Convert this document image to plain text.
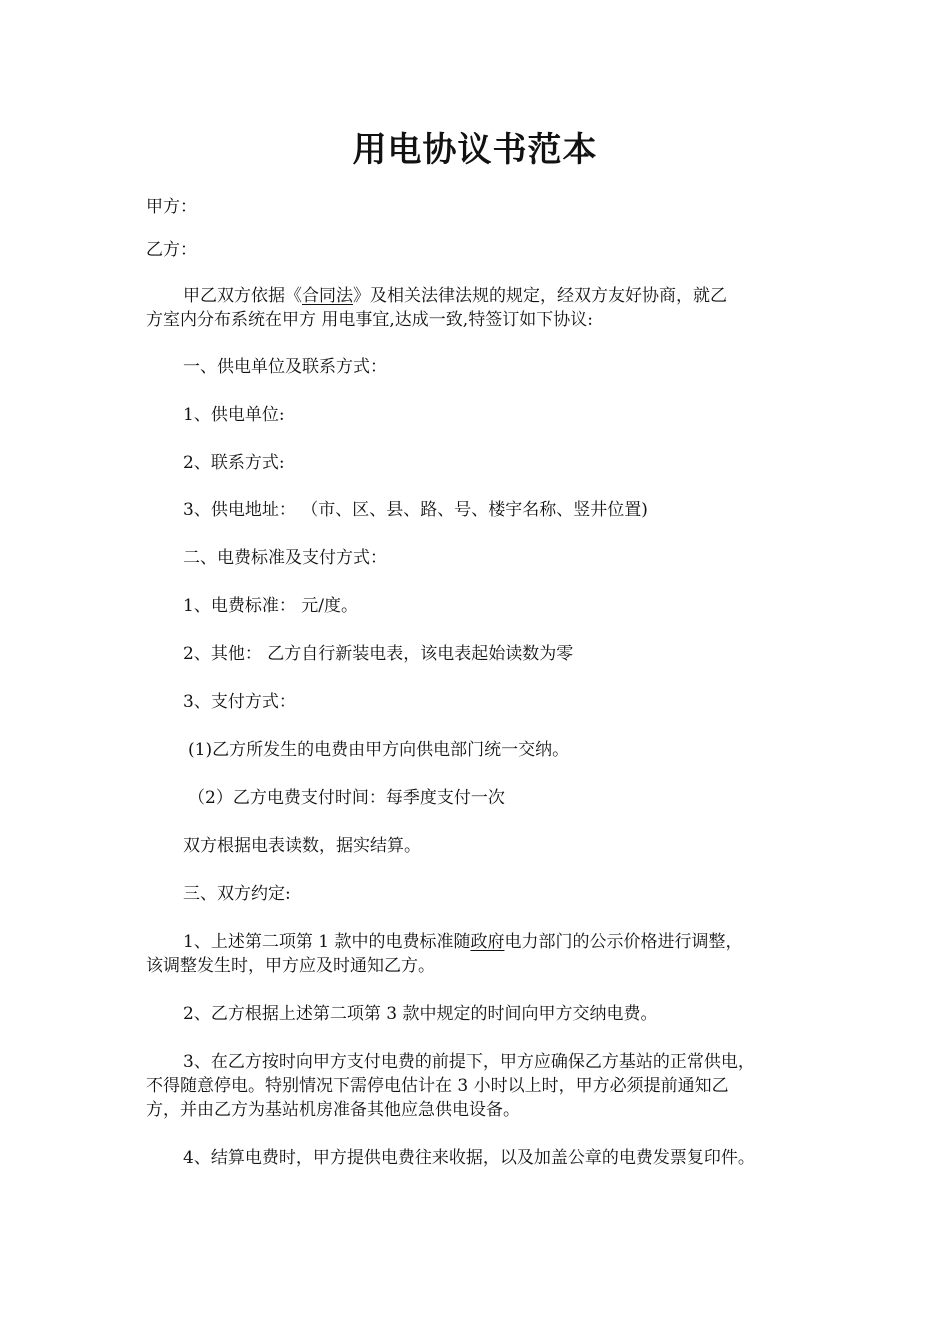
用电协议书范本
甲方：
乙方：
甲乙双方依据《合同法》及相关法律法规的规定，经双方友好协商，就乙
方室内分布系统在甲方 用电事宜,达成一致,特签订如下协议:
一、供电单位及联系方式：
1、供电单位:
2、联系方式:
3、供电地址： （市、区、县、路、号、楼宇名称、竖井位置)
二、电费标准及支付方式：
1、电费标准： 元/度。
2、其他： 乙方自行新装电表，该电表起始读数为零
3、支付方式：
(1)乙方所发生的电费由甲方向供电部门统一交纳。
（2）乙方电费支付时间：每季度支付一次
双方根据电表读数，据实结算。
三、双方约定:
1、上述第二项第 1 款中的电费标准随政府电力部门的公示价格进行调整，
该调整发生时，甲方应及时通知乙方。
2、乙方根据上述第二项第 3 款中规定的时间向甲方交纳电费。
3、在乙方按时向甲方支付电费的前提下，甲方应确保乙方基站的正常供电，
不得随意停电。特别情况下需停电估计在 3 小时以上时，甲方必须提前通知乙
方，并由乙方为基站机房准备其他应急供电设备。
4、结算电费时，甲方提供电费往来收据，以及加盖公章的电费发票复印件。
